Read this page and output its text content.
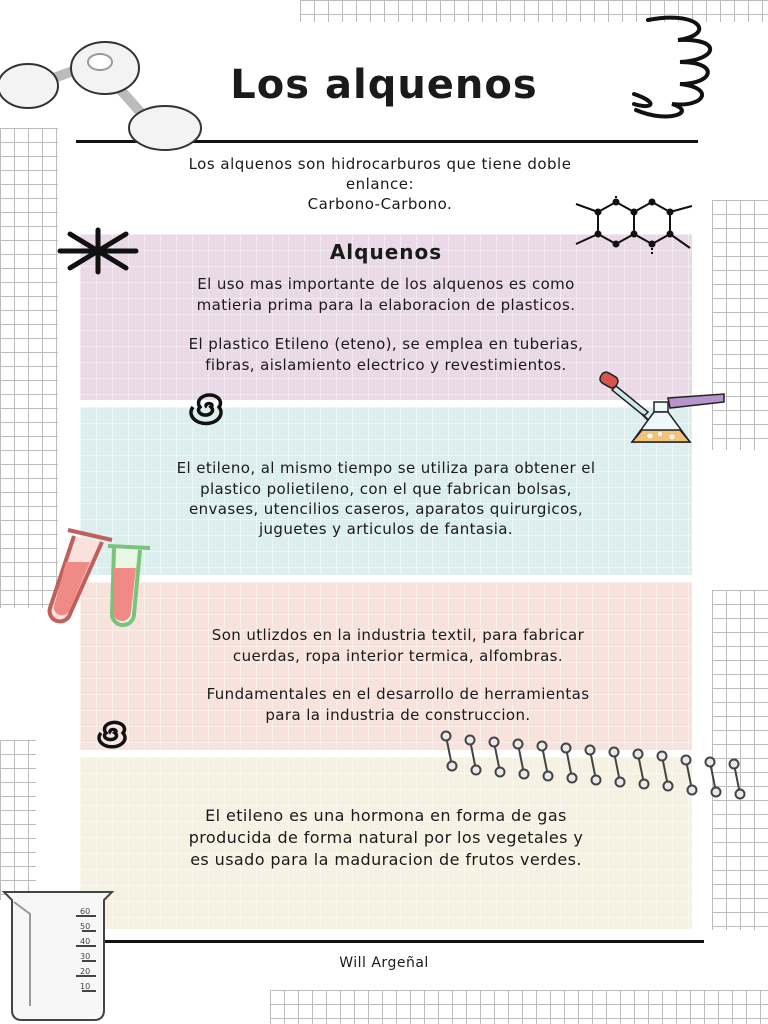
Alquenos
El uso mas importante de los alquenos es como
matieria prima para la elaboracion de plasticos.
El plastico Etileno (eteno), se emplea en tuberias,
fibras, aislamiento electrico y revestimientos.
El etileno, al mismo tiempo se utiliza para obtener el
plastico polietileno, con el que fabrican bolsas,
envases, utencilios caseros, aparatos quirurgicos,
juguetes y articulos de fantasia.
Son utlizdos en la industria textil, para fabricar
cuerdas, ropa interior termica, alfombras.
Fundamentales en el desarrollo de herramientas
para la industria de construccion.
El etileno es una hormona en forma de gas
producida de forma natural por los vegetales y
es usado para la maduracion de frutos verdes.
Los alquenos
Los alquenos son hidrocarburos que tiene doble
enlance:
Carbono-Carbono.
Will Argeñal
60
50
40
30
20
10
